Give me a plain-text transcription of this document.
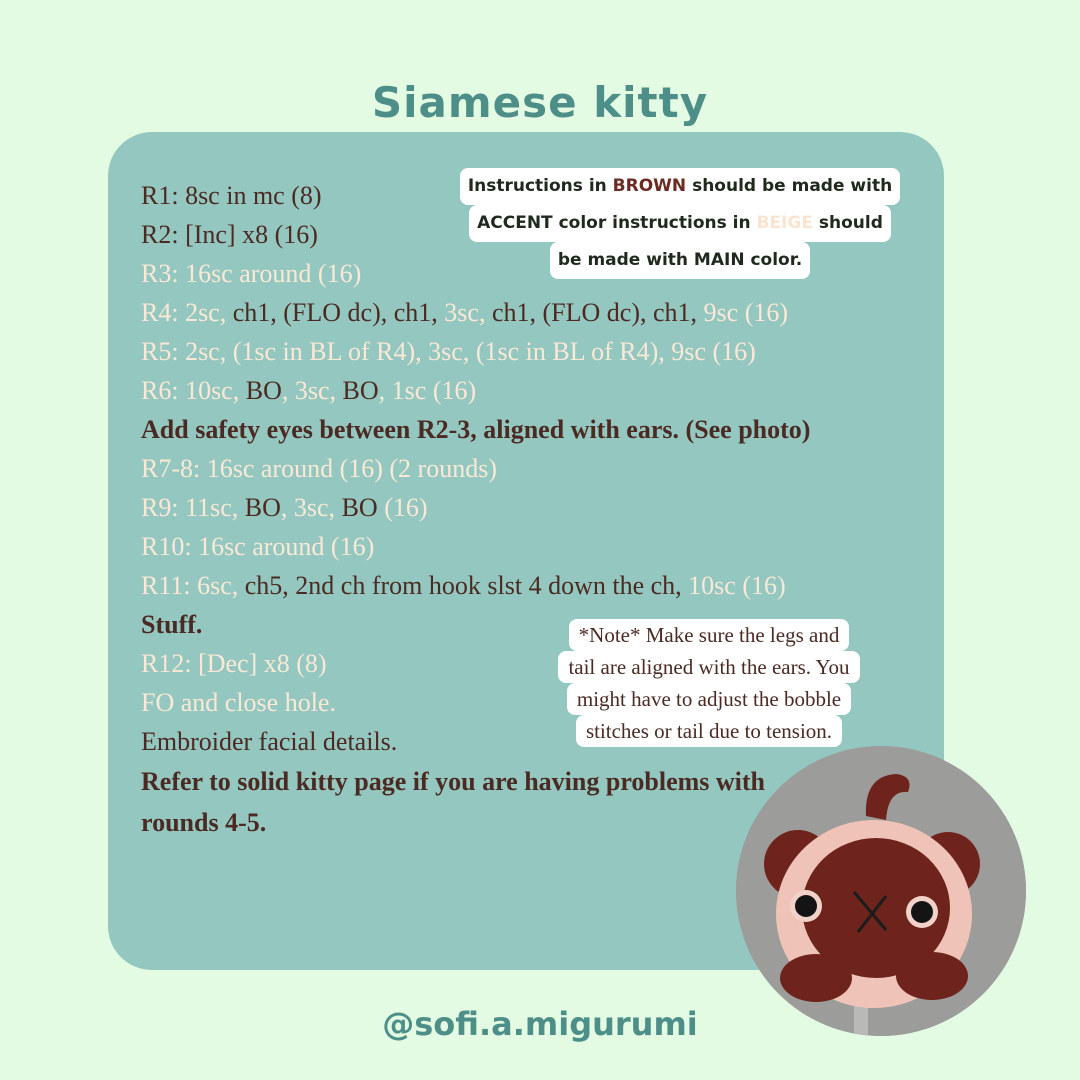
Siamese kitty
R1: 8sc in mc (8)
R2: [Inc] x8 (16)
R3: 16sc around (16)
R4: 2sc, ch1, (FLO dc), ch1, 3sc, ch1, (FLO dc), ch1, 9sc (16)
R5: 2sc, (1sc in BL of R4), 3sc, (1sc in BL of R4), 9sc (16)
R6: 10sc, BO, 3sc, BO, 1sc (16)
Add safety eyes between R2-3, aligned with ears. (See photo)
R7-8: 16sc around (16) (2 rounds)
R9: 11sc, BO, 3sc, BO (16)
R10: 16sc around (16)
R11: 6sc, ch5, 2nd ch from hook slst 4 down the ch, 10sc (16)
Stuff.
R12: [Dec] x8 (8)
FO and close hole.
Embroider facial details.
Refer to solid kitty page if you are having problems with rounds 4-5.
Instructions in BROWN should be made with
ACCENT color instructions in BEIGE should
be made with MAIN color.
*Note* Make sure the legs and
tail are aligned with the ears. You
might have to adjust the bobble
stitches or tail due to tension.
@sofi.a.migurumi
